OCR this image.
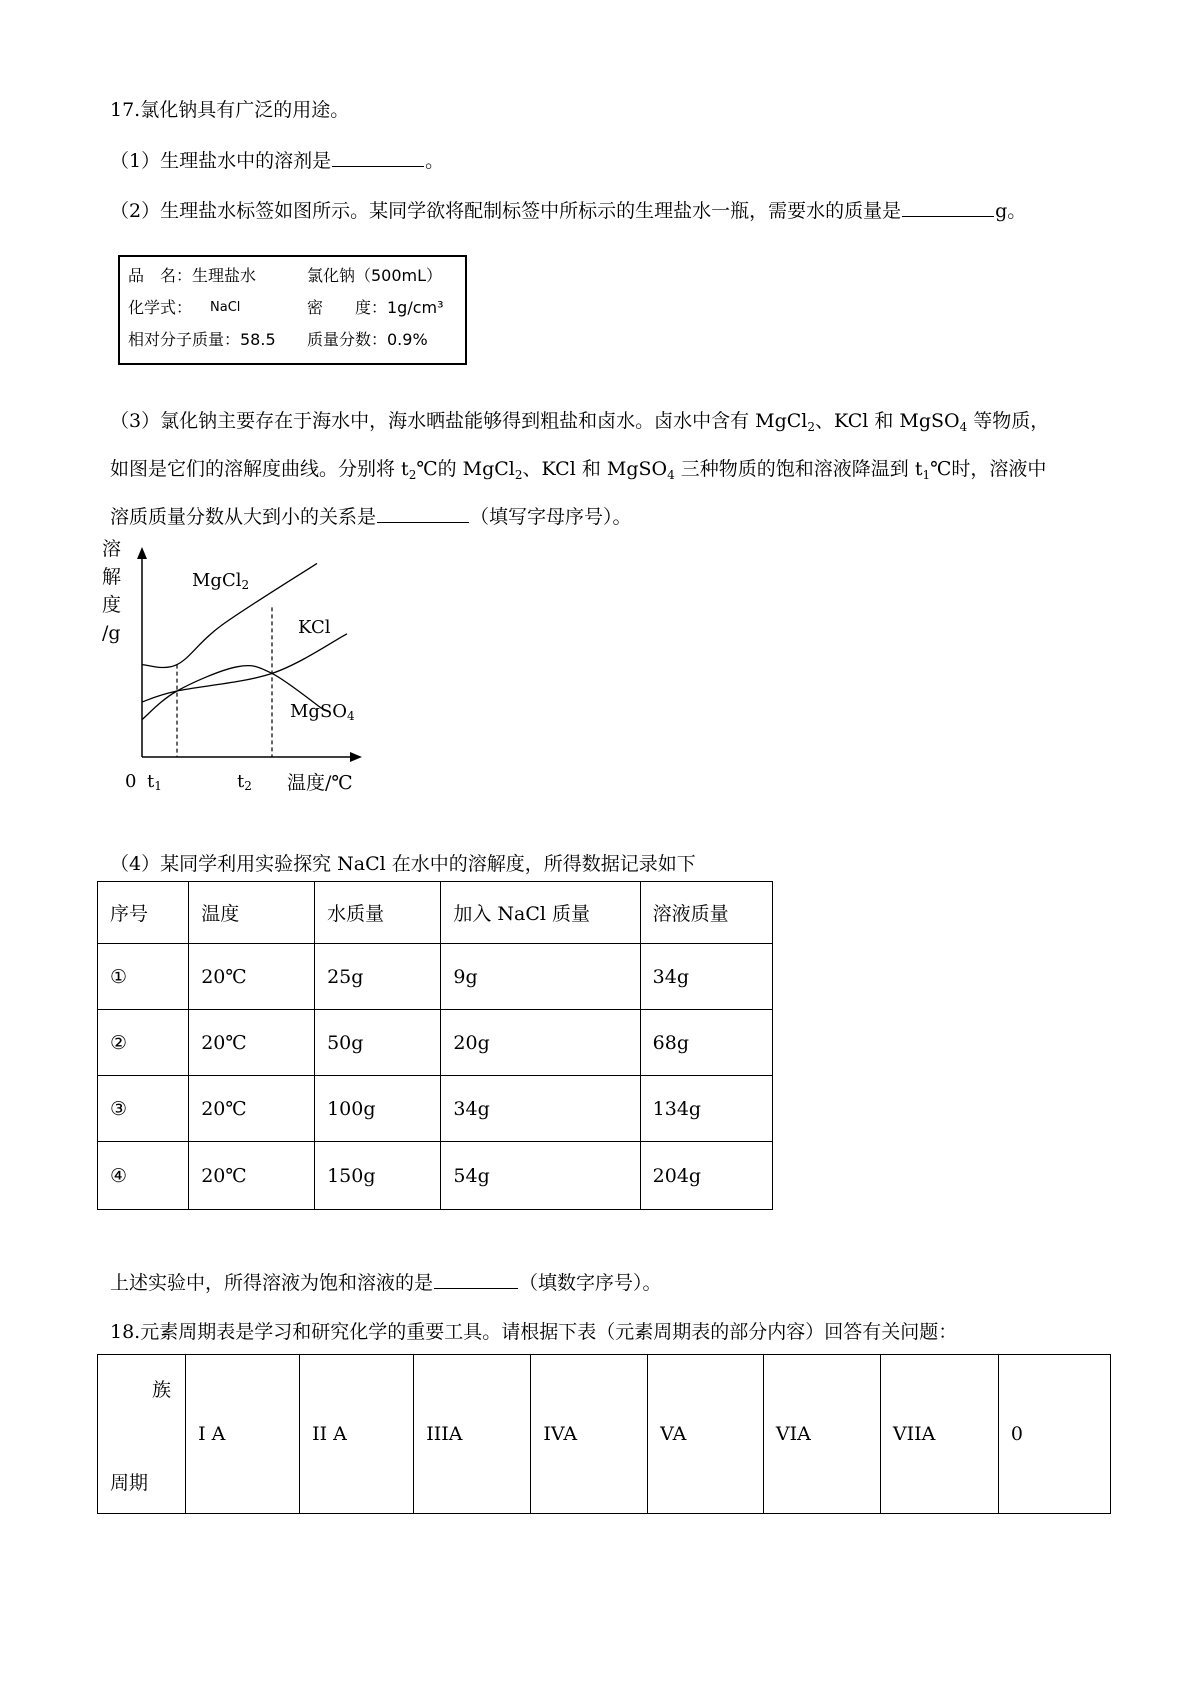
17.氯化钠具有广泛的用途。
（1）生理盐水中的溶剂是	。
（2）生理盐水标签如图所示。某同学欲将配制标签中所标示的生理盐水一瓶，需要水的质量是	g。
品　名：生理盐水	氯化钠（500mL）
化学式： NaCl	密　　度：1g/cm³
相对分子质量：58.5 质量分数：0.9%
（3）氯化钠主要存在于海水中，海水晒盐能够得到粗盐和卤水。卤水中含有 MgCl$_2$、KCl 和 MgSO$_4$ 等物质，
如图是它们的溶解度曲线。分别将 $t_2℃$的 MgCl$_2$、KCl 和 MgSO$_4$ 三种物质的饱和溶液降温到 $t_1℃$时，溶液中
溶质质量分数从大到小的关系是	（填写字母序号）。
溶
解
度
/g
MgCl2
KCl
MgSO4
0 t1	t2 温度/℃
（4）某同学利用实验探究 NaCl 在水中的溶解度，所得数据记录如下
序号	温度	水质量	加入 NaCl 质量	溶液质量
①	20℃	25g	9g	34g
②	20℃	50g	20g	68g
③	20℃	100g	34g	134g
④	20℃	150g	54g	204g
上述实验中，所得溶液为饱和溶液的是	（填数字序号）。
18.元素周期表是学习和研究化学的重要工具。请根据下表（元素周期表的部分内容）回答有关问题：
族
周期
	I A	II A	IIIA	IVA	VA	VIA	VIIA	0
